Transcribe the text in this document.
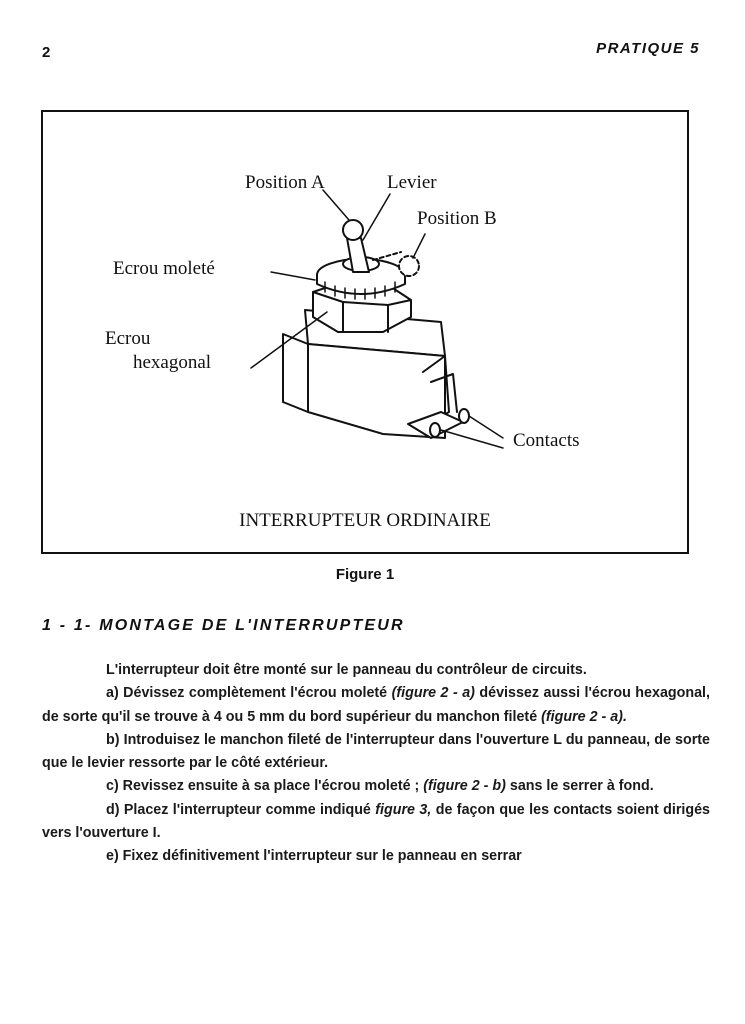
2	PRATIQUE 5
Position A	Levier
Position B
Ecrou moleté
Ecrou
hexagonal
Contacts
INTERRUPTEUR ORDINAIRE
Figure 1
1 - 1- MONTAGE DE L'INTERRUPTEUR

L'interrupteur doit être monté sur le panneau du contrôleur de circuits.

a) Dévissez complètement l'écrou moleté (figure 2 - a) dévissez aussi l'écrou hexagonal, de sorte qu'il se trouve à 4 ou 5 mm du bord supérieur du manchon fileté (figure 2 - a).

b) Introduisez le manchon fileté de l'interrupteur dans l'ouverture L du panneau, de sorte que le levier ressorte par le côté extérieur.

c) Revissez ensuite à sa place l'écrou moleté ; (figure 2 - b) sans le serrer à fond.

d) Placez l'interrupteur comme indiqué figure 3, de façon que les contacts soient dirigés vers l'ouverture I.

e) Fixez définitivement l'interrupteur sur le panneau en serrar
